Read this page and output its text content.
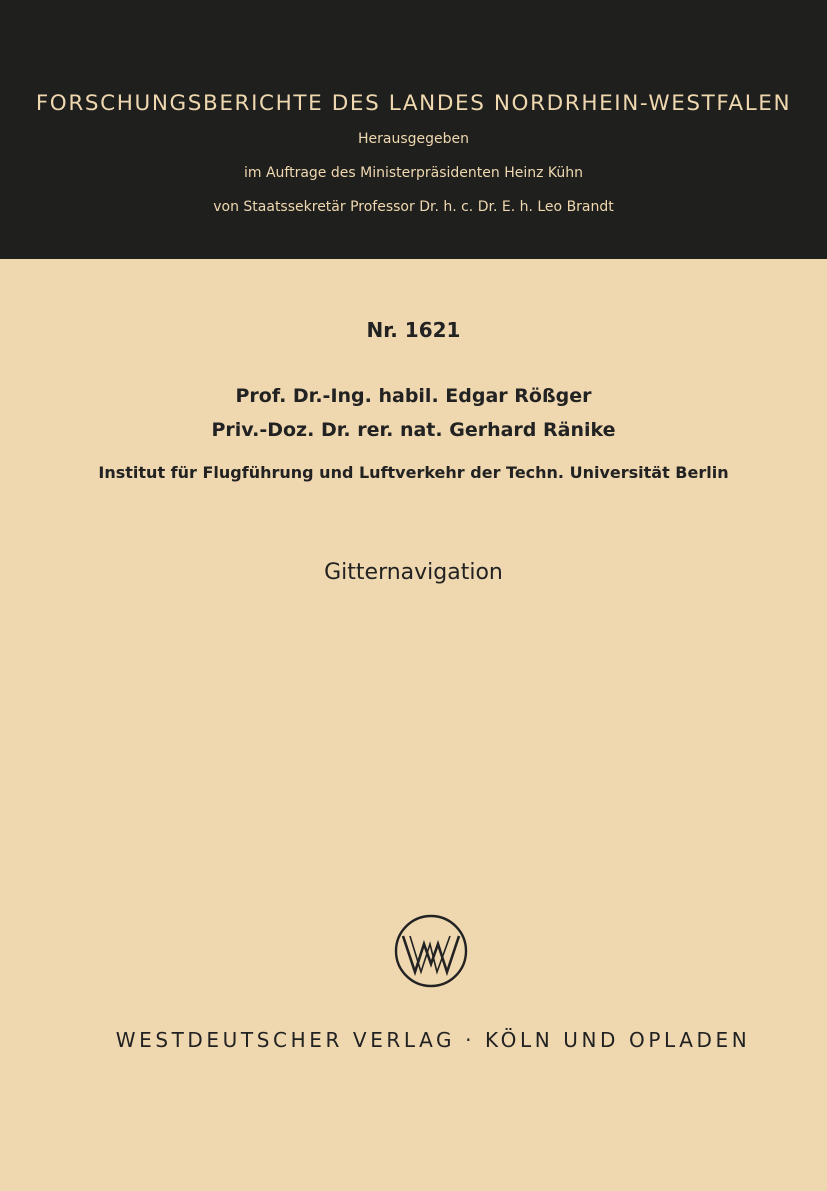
FORSCHUNGSBERICHTE DES LANDES NORDRHEIN-WESTFALEN
Herausgegeben
im Auftrage des Ministerpräsidenten Heinz Kühn
von Staatssekretär Professor Dr. h. c. Dr. E. h. Leo Brandt
Nr. 1621
Prof. Dr.-Ing. habil. Edgar Rößger
Priv.-Doz. Dr. rer. nat. Gerhard Ränike
Institut für Flugführung und Luftverkehr der Techn. Universität Berlin
Gitternavigation
WESTDEUTSCHER VERLAG · KÖLN UND OPLADEN
